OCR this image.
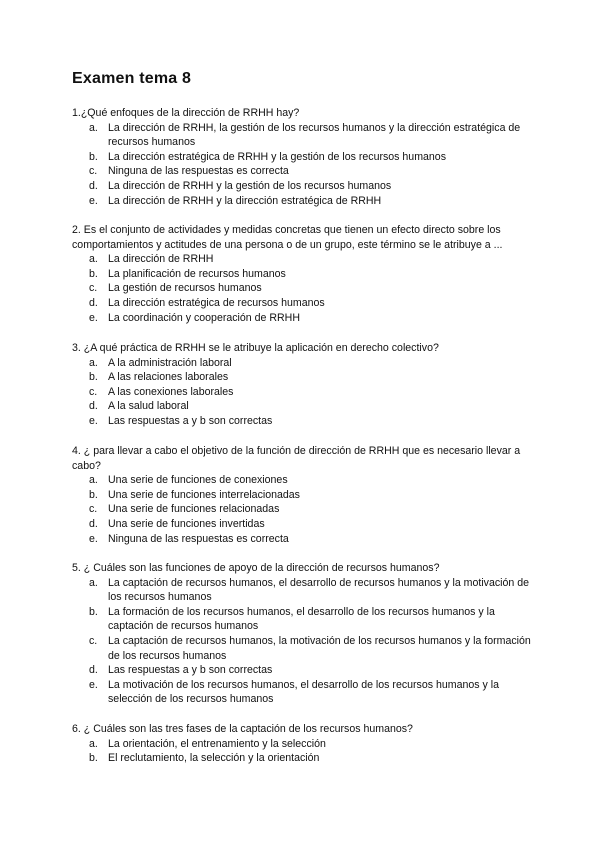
Examen tema 8

1.¿Qué enfoques de la dirección de RRHH hay?

a. La dirección de RRHH, la gestión de los recursos humanos y la dirección estratégica de recursos humanos
b. La dirección estratégica de RRHH y la gestión de los recursos humanos
c. Ninguna de las respuestas es correcta
d. La dirección de RRHH y la gestión de los recursos humanos
e. La dirección de RRHH y la dirección estratégica de RRHH

2. Es el conjunto de actividades y medidas concretas que tienen un efecto directo sobre los comportamientos y actitudes de una persona o de un grupo, este término se le atribuye a ...

a. La dirección de RRHH
b. La planificación de recursos humanos
c. La gestión de recursos humanos
d. La dirección estratégica de recursos humanos
e. La coordinación y cooperación de RRHH

3. ¿A qué práctica de RRHH se le atribuye la aplicación en derecho colectivo?

a. A la administración laboral
b. A las relaciones laborales
c. A las conexiones laborales
d. A la salud laboral
e. Las respuestas a y b son correctas

4. ¿ para llevar a cabo el objetivo de la función de dirección de RRHH que es necesario llevar a cabo?

a. Una serie de funciones de conexiones
b. Una serie de funciones interrelacionadas
c. Una serie de funciones relacionadas
d. Una serie de funciones invertidas
e. Ninguna de las respuestas es correcta

5. ¿ Cuáles son las funciones de apoyo de la dirección de recursos humanos?

a. La captación de recursos humanos, el desarrollo de recursos humanos y la motivación de los recursos humanos
b. La formación de los recursos humanos, el desarrollo de los recursos humanos y la captación de recursos humanos
c. La captación de recursos humanos, la motivación de los recursos humanos y la formación de los recursos humanos
d. Las respuestas a y b son correctas
e. La motivación de los recursos humanos, el desarrollo de los recursos humanos y la selección de los recursos humanos

6. ¿ Cuáles son las tres fases de la captación de los recursos humanos?

a. La orientación, el entrenamiento y la selección
b. El reclutamiento, la selección y la orientación
